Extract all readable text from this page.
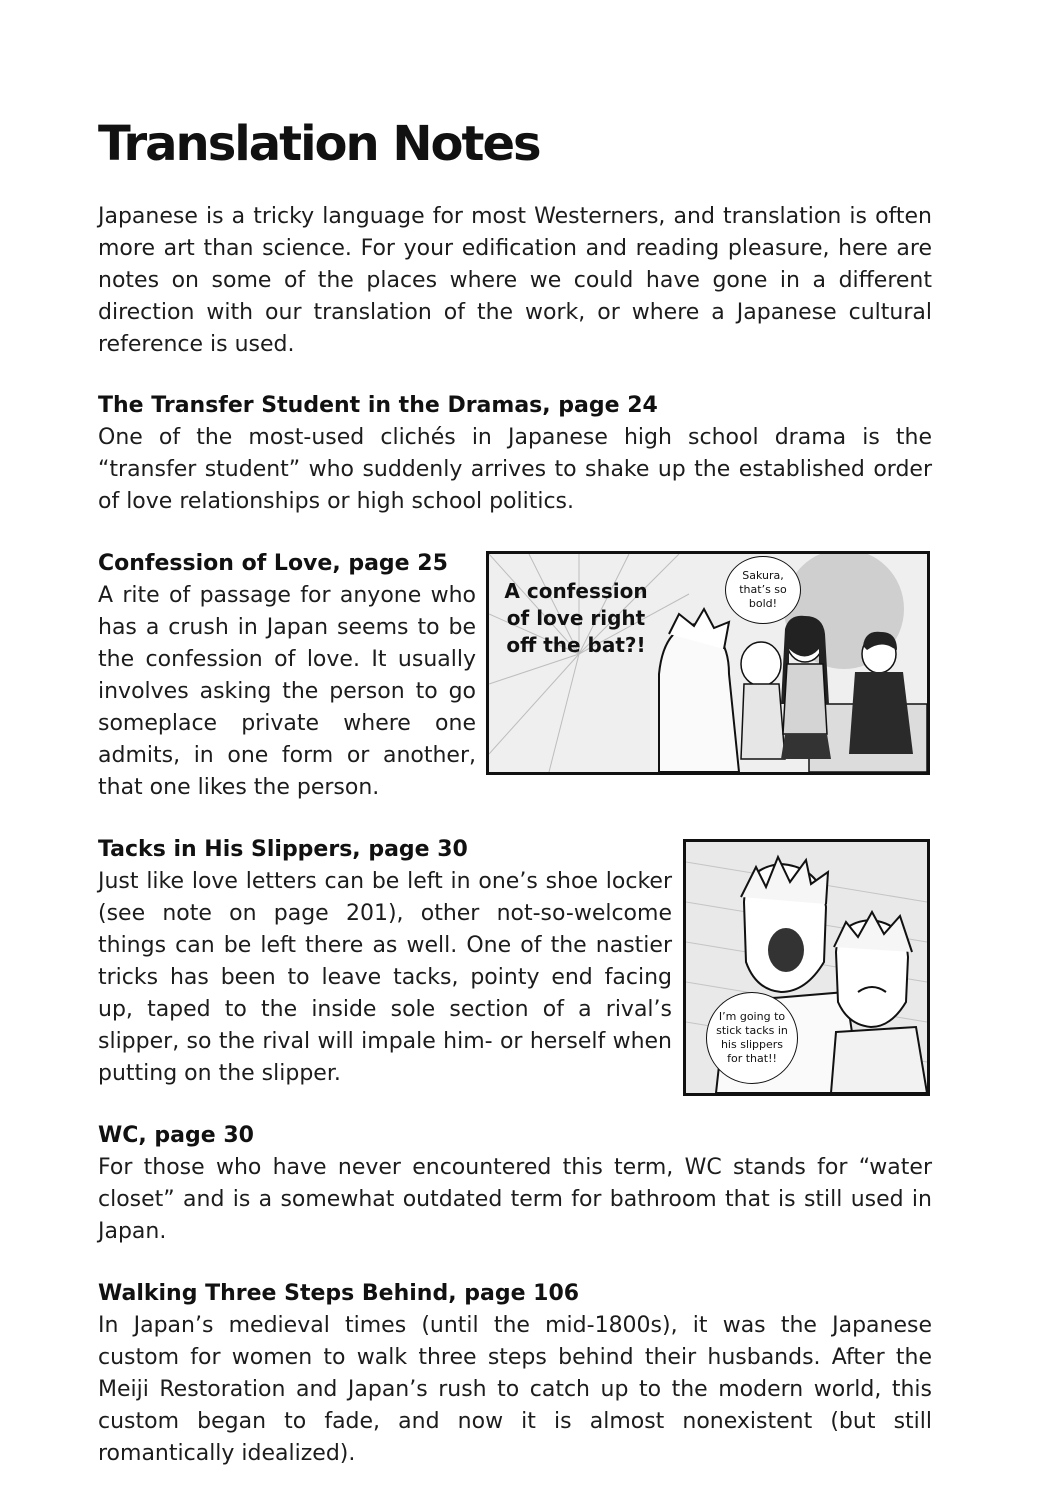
Translation Notes

Japanese is a tricky language for most Westerners, and translation is often more art than science. For your edification and reading pleasure, here are notes on some of the places where we could have gone in a different direction with our translation of the work, or where a Japanese cultural reference is used.

The Transfer Student in the Dramas, page 24

One of the most-used clichés in Japanese high school drama is the “transfer student” who suddenly arrives to shake up the established order of love relationships or high school politics.

Confession of Love, page 25

A rite of passage for anyone who has a crush in Japan seems to be the confession of love. It usually involves asking the person to go someplace private where one admits, in one form or another, that one likes the person.

A confession of love right off the bat?!
Sakura, that’s so bold!
Tacks in His Slippers, page 30

Just like love letters can be left in one’s shoe locker (see note on page 201), other not-so-welcome things can be left there as well. One of the nastier tricks has been to leave tacks, pointy end facing up, taped to the inside sole section of a rival’s slipper, so the rival will impale him- or herself when putting on the slipper.

I’m going to stick tacks in his slippers for that!!
WC, page 30

For those who have never encountered this term, WC stands for “water closet” and is a somewhat outdated term for bathroom that is still used in Japan.

Walking Three Steps Behind, page 106

In Japan’s medieval times (until the mid-1800s), it was the Japanese custom for women to walk three steps behind their husbands. After the Meiji Restoration and Japan’s rush to catch up to the modern world, this custom began to fade, and now it is almost nonexistent (but still romantically idealized).
